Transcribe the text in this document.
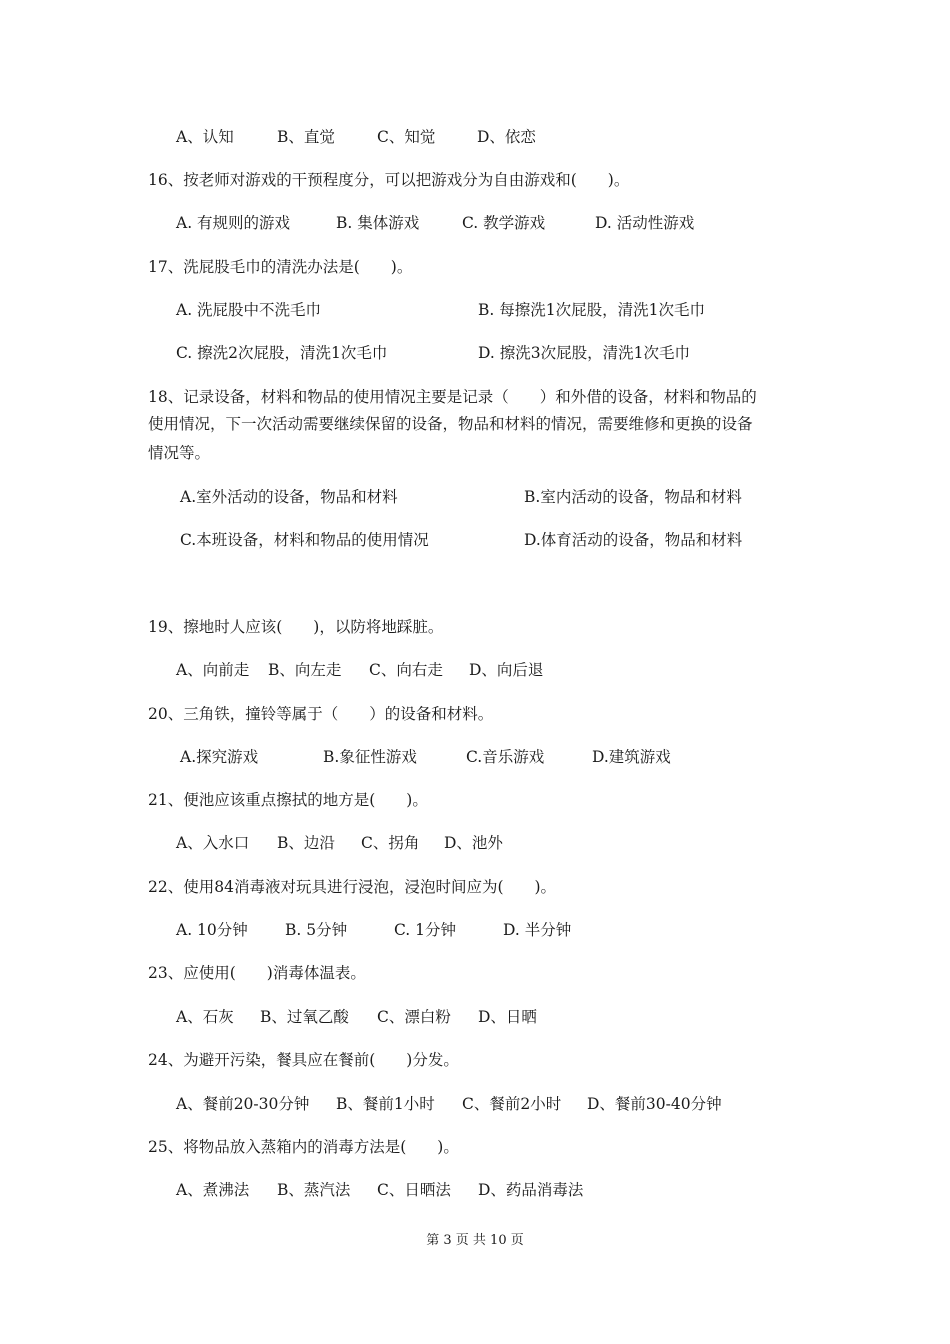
A、认知	B、直觉	C、知觉	D、依恋
16、按老师对游戏的干预程度分，可以把游戏分为自由游戏和(　　)。
A. 有规则的游戏	B. 集体游戏	C. 教学游戏	D. 活动性游戏
17、洗屁股毛巾的清洗办法是(　　)。
A. 洗屁股中不洗毛巾	B. 每擦洗1次屁股，清洗1次毛巾
C. 擦洗2次屁股，清洗1次毛巾	D. 擦洗3次屁股，清洗1次毛巾
18、记录设备，材料和物品的使用情况主要是记录（　　）和外借的设备，材料和物品的
使用情况，下一次活动需要继续保留的设备，物品和材料的情况，需要维修和更换的设备
情况等。
A.室外活动的设备，物品和材料	B.室内活动的设备，物品和材料
C.本班设备，材料和物品的使用情况	D.体育活动的设备，物品和材料
19、擦地时人应该(　　)，以防将地踩脏。
A、向前走 B、向左走 C、向右走 D、向后退
20、三角铁，撞铃等属于（　　）的设备和材料。
A.探究游戏	B.象征性游戏	C.音乐游戏	D.建筑游戏
21、便池应该重点擦拭的地方是(　　)。
A、入水口 B、边沿 C、拐角 D、池外
22、使用84消毒液对玩具进行浸泡，浸泡时间应为(　　)。
A. 10分钟 B. 5分钟	C. 1分钟	D. 半分钟
23、应使用(　　)消毒体温表。
A、石灰 B、过氧乙酸 C、漂白粉 D、日晒
24、为避开污染，餐具应在餐前(　　)分发。
A、餐前20-30分钟 B、餐前1小时 C、餐前2小时 D、餐前30-40分钟
25、将物品放入蒸箱内的消毒方法是(　　)。
A、煮沸法 B、蒸汽法 C、日晒法 D、药品消毒法
第 3 页 共 10 页
